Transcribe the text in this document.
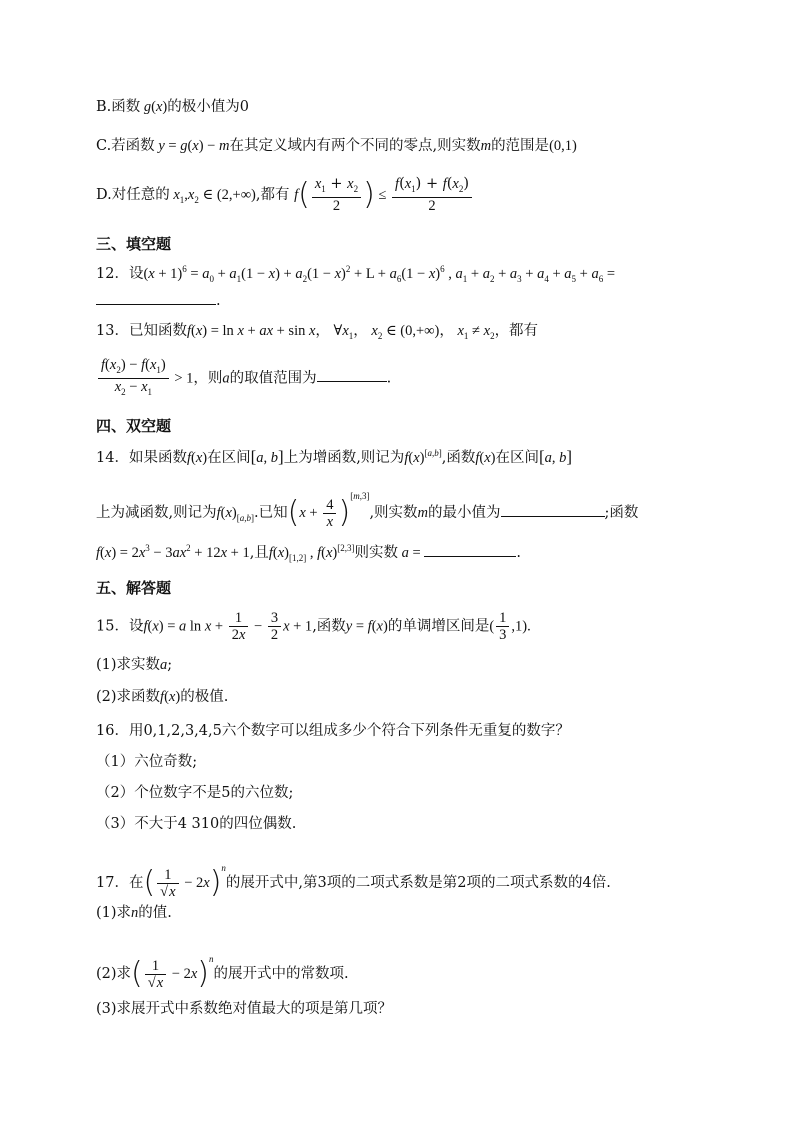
B.函数 g(x)的极小值为0
C.若函数 y = g(x) − m在其定义域内有两个不同的零点,则实数m的范围是(0,1)
D.对任意的 $x_1,x_2$ ∈ (2,+∞),都有 $f( \frac{x_1 + x_2}{2}$ ) ≤ $\frac{f(x_1) + f(x_2)}{2}$
三、填空题
12．设$(x + 1)^6 = a_0 + a_1(1 - x) + a_2(1 - x)^2 + L + a_6(1 - x)^6$ , $a_1 + a_2 + a_3 + a_4 + a_5 + a_6$ =
.
13．已知函数f(x) = ln x + ax + sin x， $\forall x_1$， $x_2$ ∈ (0,+∞)， $x_1 \ne x_2$，都有
$\frac{f(x_2) - f(x_1)}{x_2 - x_1} > 1$，则a的取值范围为	.
四、双空题
14．如果函数f(x)在区间[a, b]上为增函数,则记为f(x)[a,b],函数f(x)在区间[a, b]
上为减函数,则记为$f(x)_{[a,b]}$.已知$(x + \frac{4}{x} )[m,3]$,则实数m的最小值为	;函数
$f(x) = 2x^3 - 3ax^2 + 12x + 1$,且$f(x)_{[1,2]}$ , f(x)[2,3]则实数 a =	.
五、解答题
15．设f(x) = a $\ln x + \frac{1}{2x} - \frac{3}{2}$ x + 1,函数y = f(x)的单调增区间是( $\frac{1}{3} ,1$).
(1)求实数a;
(2)求函数f(x)的极值.
16．用0,1,2,3,4,5六个数字可以组成多少个符合下列条件无重复的数字？
（1）六位奇数;
（2）个位数字不是5的六位数;
（3）不大于4 310的四位偶数.
17．在( $\frac{1}{√x} - 2x)^n$的展开式中,第3项的二项式系数是第2项的二项式系数的4倍.
(1)求n的值.
(2)求( $\frac{1}{√x} - 2x)^n$的展开式中的常数项.
(3)求展开式中系数绝对值最大的项是第几项？
